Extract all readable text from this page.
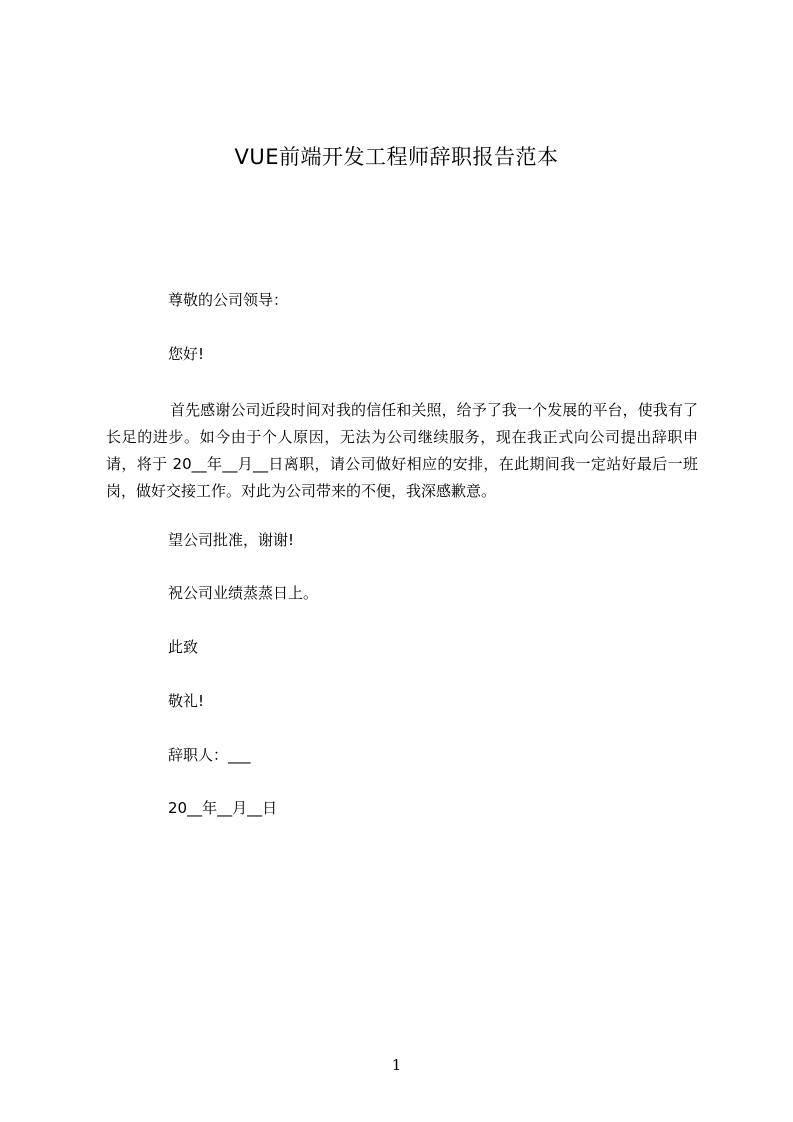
VUE前端开发工程师辞职报告范本
尊敬的公司领导：
您好!
首先感谢公司近段时间对我的信任和关照，给予了我一个发展的平台，使我有了长足的进步。如今由于个人原因，无法为公司继续服务，现在我正式向公司提出辞职申请，将于 20__年__月__日离职，请公司做好相应的安排，在此期间我一定站好最后一班岗，做好交接工作。对此为公司带来的不便，我深感歉意。
望公司批准，谢谢!
祝公司业绩蒸蒸日上。
此致
敬礼!
辞职人：___
20__年__月__日
1
